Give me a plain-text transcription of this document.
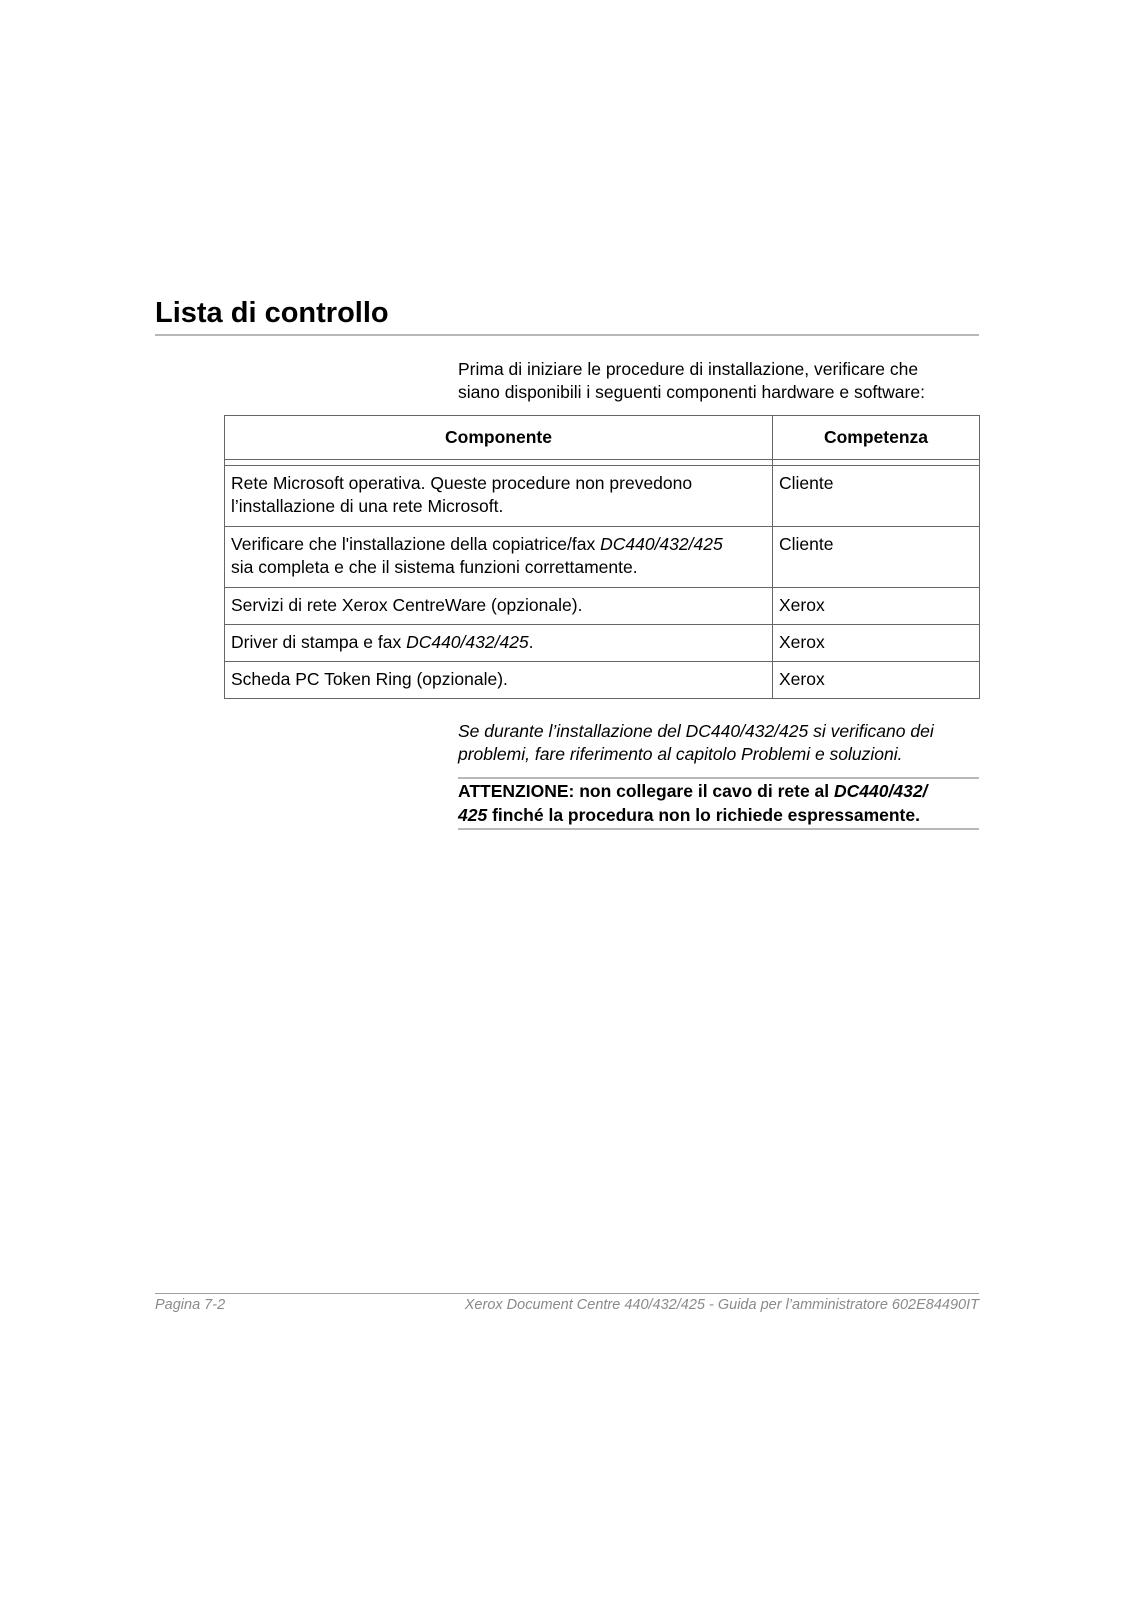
Lista di controllo

Prima di iniziare le procedure di installazione, verificare che
siano disponibili i seguenti componenti hardware e software:

Componente	Competenza

Rete Microsoft operativa. Queste procedure non prevedono
l’installazione di una rete Microsoft.	Cliente

Verificare che l'installazione della copiatrice/fax DC440/432/425
sia completa e che il sistema funzioni correttamente.	Cliente
Servizi di rete Xerox CentreWare (opzionale).	Xerox
Driver di stampa e fax DC440/432/425.	Xerox
Scheda PC Token Ring (opzionale).	Xerox

Se durante l’installazione del DC440/432/425 si verificano dei
problemi, fare riferimento al capitolo Problemi e soluzioni.

ATTENZIONE: non collegare il cavo di rete al DC440/432/
425 finché la procedura non lo richiede espressamente.

Pagina 7-2	Xerox Document Centre 440/432/425 - Guida per l’amministratore 602E84490IT
